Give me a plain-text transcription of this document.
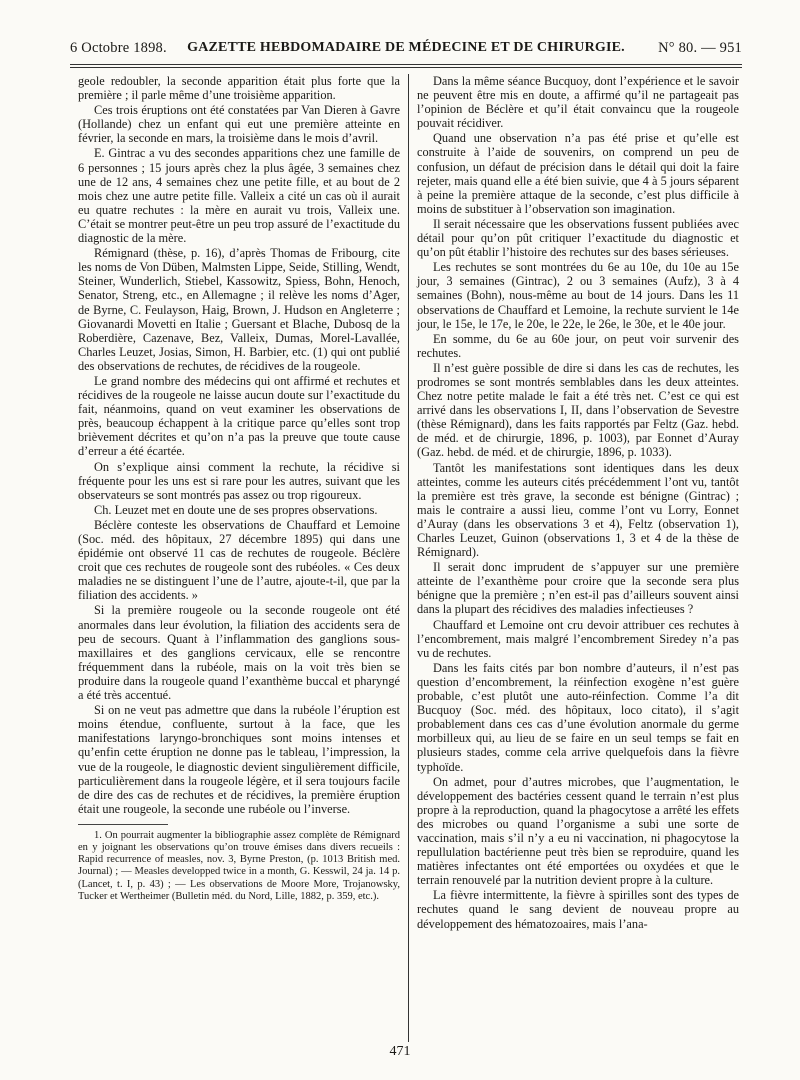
6 Octobre 1898.	GAZETTE HEBDOMADAIRE DE MÉDECINE ET DE CHIRURGIE.	N° 80. — 951

geole redoubler, la seconde apparition était plus forte que la première ; il parle même d’une troisième apparition.

Ces trois éruptions ont été constatées par Van Dieren à Gavre (Hollande) chez un enfant qui eut une première atteinte en février, la seconde en mars, la troisième dans le mois d’avril.

E. Gintrac a vu des secondes apparitions chez une famille de 6 personnes ; 15 jours après chez la plus âgée, 3 semaines chez une de 12 ans, 4 semaines chez une petite fille, et au bout de 2 mois chez une autre petite fille. Valleix a cité un cas où il aurait eu quatre rechutes : la mère en aurait vu trois, Valleix une. C’était se montrer peut-être un peu trop assuré de l’exactitude du diagnostic de la mère.

Rémignard (thèse, p. 16), d’après Thomas de Fribourg, cite les noms de Von Düben, Malmsten Lippe, Seide, Stilling, Wendt, Steiner, Wunderlich, Stiebel, Kassowitz, Spiess, Bohn, Henoch, Senator, Streng, etc., en Allemagne ; il relève les noms d’Ager, de Byrne, C. Feulayson, Haig, Brown, J. Hudson en Angleterre ; Giovanardi Movetti en Italie ; Guersant et Blache, Dubosq de la Roberdière, Cazenave, Bez, Valleix, Dumas, Morel-Lavallée, Charles Leuzet, Josias, Simon, H. Barbier, etc. (1) qui ont publié des observations de rechutes, de récidives de la rougeole.

Le grand nombre des médecins qui ont affirmé et rechutes et récidives de la rougeole ne laisse aucun doute sur l’exactitude du fait, néanmoins, quand on veut examiner les observations de près, beaucoup échappent à la critique parce qu’elles sont trop brièvement décrites et qu’on n’a pas la preuve que toute cause d’erreur a été écartée.

On s’explique ainsi comment la rechute, la récidive si fréquente pour les uns est si rare pour les autres, suivant que les observateurs se sont montrés pas assez ou trop rigoureux.

Ch. Leuzet met en doute une de ses propres observations.

Béclère conteste les observations de Chauffard et Lemoine (Soc. méd. des hôpitaux, 27 décembre 1895) qui dans une épidémie ont observé 11 cas de rechutes de rougeole. Béclère croit que ces rechutes de rougeole sont des rubéoles. « Ces deux maladies ne se distinguent l’une de l’autre, ajoute-t-il, que par la filiation des accidents. »

Si la première rougeole ou la seconde rougeole ont été anormales dans leur évolution, la filiation des accidents sera de peu de secours. Quant à l’inflammation des ganglions sous-maxillaires et des ganglions cervicaux, elle se rencontre fréquemment dans la rubéole, mais on la voit très bien se produire dans la rougeole quand l’exanthème buccal et pharyngé a été très accentué.

Si on ne veut pas admettre que dans la rubéole l’éruption est moins étendue, confluente, surtout à la face, que les manifestations laryngo-bronchiques sont moins intenses et qu’enfin cette éruption ne donne pas le tableau, l’impression, la vue de la rougeole, le diagnostic devient singulièrement difficile, particulièrement dans la rougeole légère, et il sera toujours facile de dire des cas de rechutes et de récidives, la première éruption était une rougeole, la seconde une rubéole ou l’inverse.

1. On pourrait augmenter la bibliographie assez complète de Rémignard en y joignant les observations qu’on trouve émises dans divers recueils : Rapid recurrence of measles, nov. 3, Byrne Preston, (p. 1013 British med. Journal) ; — Measles developped twice in a month, G. Kesswil, 24 ja. 14 p. (Lancet, t. I, p. 43) ; — Les observations de Moore More, Trojanowsky, Tucker et Wertheimer (Bulletin méd. du Nord, Lille, 1882, p. 359, etc.).

Dans la même séance Bucquoy, dont l’expérience et le savoir ne peuvent être mis en doute, a affirmé qu’il ne partageait pas l’opinion de Béclère et qu’il était convaincu que la rougeole pouvait récidiver.

Quand une observation n’a pas été prise et qu’elle est construite à l’aide de souvenirs, on comprend un peu de confusion, un défaut de précision dans le détail qui doit la faire rejeter, mais quand elle a été bien suivie, que 4 à 5 jours séparent à peine la première attaque de la seconde, c’est plus difficile à moins de substituer à l’observation son imagination.

Il serait nécessaire que les observations fussent publiées avec détail pour qu’on pût critiquer l’exactitude du diagnostic et qu’on pût établir l’histoire des rechutes sur des bases sérieuses.

Les rechutes se sont montrées du 6e au 10e, du 10e au 15e jour, 3 semaines (Gintrac), 2 ou 3 semaines (Aufz), 3 à 4 semaines (Bohn), nous-même au bout de 14 jours. Dans les 11 observations de Chauffard et Lemoine, la rechute survient le 14e jour, le 15e, le 17e, le 20e, le 22e, le 26e, le 30e, et le 40e jour.

En somme, du 6e au 60e jour, on peut voir survenir des rechutes.

Il n’est guère possible de dire si dans les cas de rechutes, les prodromes se sont montrés semblables dans les deux atteintes. Chez notre petite malade le fait a été très net. C’est ce qui est arrivé dans les observations I, II, dans l’observation de Sevestre (thèse Rémignard), dans les faits rapportés par Feltz (Gaz. hebd. de méd. et de chirurgie, 1896, p. 1003), par Eonnet d’Auray (Gaz. hebd. de méd. et de chirurgie, 1896, p. 1033).

Tantôt les manifestations sont identiques dans les deux atteintes, comme les auteurs cités précédemment l’ont vu, tantôt la première est très grave, la seconde est bénigne (Gintrac) ; mais le contraire a aussi lieu, comme l’ont vu Lorry, Eonnet d’Auray (dans les observations 3 et 4), Feltz (observation 1), Charles Leuzet, Guinon (observations 1, 3 et 4 de la thèse de Rémignard).

Il serait donc imprudent de s’appuyer sur une première atteinte de l’exanthème pour croire que la seconde sera plus bénigne que la première ; n’en est-il pas d’ailleurs souvent ainsi dans la plupart des récidives des maladies infectieuses ?

Chauffard et Lemoine ont cru devoir attribuer ces rechutes à l’encombrement, mais malgré l’encombrement Siredey n’a pas vu de rechutes.

Dans les faits cités par bon nombre d’auteurs, il n’est pas question d’encombrement, la réinfection exogène n’est guère probable, c’est plutôt une auto-réinfection. Comme l’a dit Bucquoy (Soc. méd. des hôpitaux, loco citato), il s’agit probablement dans ces cas d’une évolution anormale du germe morbilleux qui, au lieu de se faire en un seul temps se fait en plusieurs stades, comme cela arrive quelquefois dans la fièvre typhoïde.

On admet, pour d’autres microbes, que l’augmentation, le développement des bactéries cessent quand le terrain n’est plus propre à la reproduction, quand la phagocytose a arrêté les effets des microbes ou quand l’organisme a subi une sorte de vaccination, mais s’il n’y a eu ni vaccination, ni phagocytose la repullulation bactérienne peut très bien se reproduire, quand les matières infectantes ont été emportées ou oxydées et que le terrain renouvelé par la nutrition devient propre à la culture.

La fièvre intermittente, la fièvre à spirilles sont des types de rechutes quand le sang devient de nouveau propre au développement des hématozoaires, mais l’ana-

471
